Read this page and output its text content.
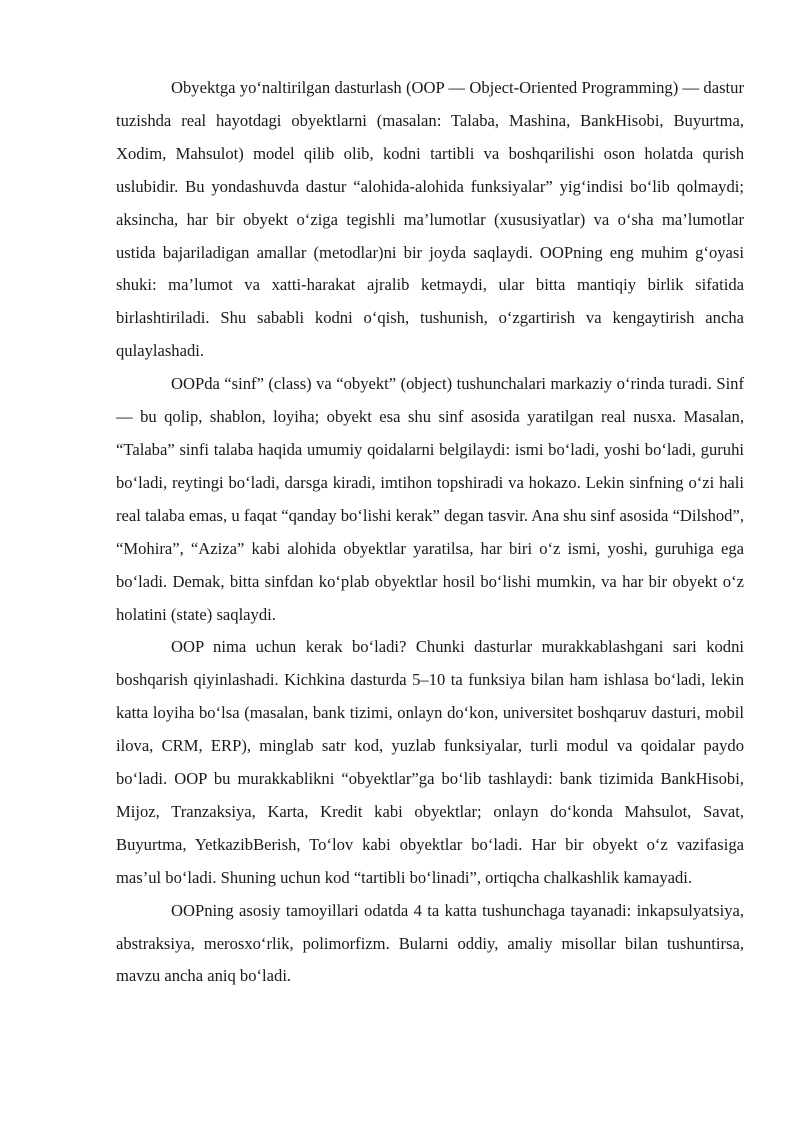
Obyektga yo‘naltirilgan dasturlash (OOP — Object-Oriented Programming) — dastur tuzishda real hayotdagi obyektlarni (masalan: Talaba, Mashina, BankHisobi, Buyurtma, Xodim, Mahsulot) model qilib olib, kodni tartibli va boshqarilishi oson holatda qurish uslubidir. Bu yondashuvda dastur “alohida-alohida funksiyalar” yig‘indisi bo‘lib qolmaydi; aksincha, har bir obyekt o‘ziga tegishli ma’lumotlar (xususiyatlar) va o‘sha ma’lumotlar ustida bajariladigan amallar (metodlar)ni bir joyda saqlaydi. OOPning eng muhim g‘oyasi shuki: ma’lumot va xatti-harakat ajralib ketmaydi, ular bitta mantiqiy birlik sifatida birlashtiriladi. Shu sababli kodni o‘qish, tushunish, o‘zgartirish va kengaytirish ancha qulaylashadi.

OOPda “sinf” (class) va “obyekt” (object) tushunchalari markaziy o‘rinda turadi. Sinf — bu qolip, shablon, loyiha; obyekt esa shu sinf asosida yaratilgan real nusxa. Masalan, “Talaba” sinfi talaba haqida umumiy qoidalarni belgilaydi: ismi bo‘ladi, yoshi bo‘ladi, guruhi bo‘ladi, reytingi bo‘ladi, darsga kiradi, imtihon topshiradi va hokazo. Lekin sinfning o‘zi hali real talaba emas, u faqat “qanday bo‘lishi kerak” degan tasvir. Ana shu sinf asosida “Dilshod”, “Mohira”, “Aziza” kabi alohida obyektlar yaratilsa, har biri o‘z ismi, yoshi, guruhiga ega bo‘ladi. Demak, bitta sinfdan ko‘plab obyektlar hosil bo‘lishi mumkin, va har bir obyekt o‘z holatini (state) saqlaydi.

OOP nima uchun kerak bo‘ladi? Chunki dasturlar murakkablashgani sari kodni boshqarish qiyinlashadi. Kichkina dasturda 5–10 ta funksiya bilan ham ishlasa bo‘ladi, lekin katta loyiha bo‘lsa (masalan, bank tizimi, onlayn do‘kon, universitet boshqaruv dasturi, mobil ilova, CRM, ERP), minglab satr kod, yuzlab funksiyalar, turli modul va qoidalar paydo bo‘ladi. OOP bu murakkablikni “obyektlar”ga bo‘lib tashlaydi: bank tizimida BankHisobi, Mijoz, Tranzaksiya, Karta, Kredit kabi obyektlar; onlayn do‘konda Mahsulot, Savat, Buyurtma, YetkazibBerish, To‘lov kabi obyektlar bo‘ladi. Har bir obyekt o‘z vazifasiga mas’ul bo‘ladi. Shuning uchun kod “tartibli bo‘linadi”, ortiqcha chalkashlik kamayadi.

OOPning asosiy tamoyillari odatda 4 ta katta tushunchaga tayanadi: inkapsulyatsiya, abstraksiya, merosxo‘rlik, polimorfizm. Bularni oddiy, amaliy misollar bilan tushuntirsa, mavzu ancha aniq bo‘ladi.
